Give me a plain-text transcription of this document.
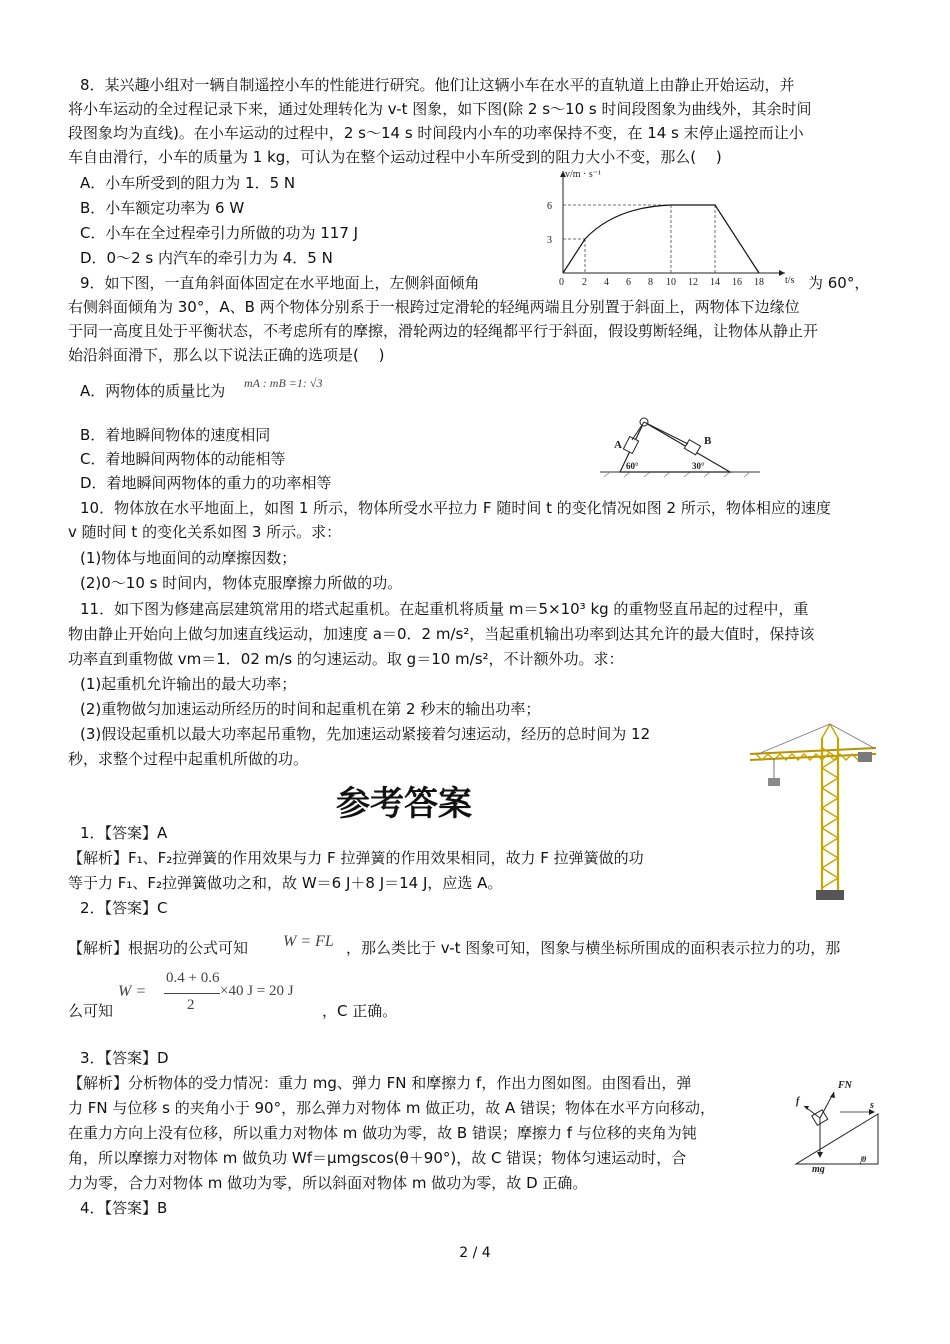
8．某兴趣小组对一辆自制遥控小车的性能进行研究。他们让这辆小车在水平的直轨道上由静止开始运动，并
将小车运动的全过程记录下来，通过处理转化为 v-t 图象，如下图(除 2 s～10 s 时间段图象为曲线外，其余时间
段图象均为直线)。在小车运动的过程中，2 s～14 s 时间段内小车的功率保持不变，在 14 s 末停止遥控而让小
车自由滑行，小车的质量为 1 kg，可认为在整个运动过程中小车所受到的阻力大小不变，那么(　 )
A．小车所受到的阻力为 1．5 N
B．小车额定功率为 6 W
C．小车在全过程牵引力所做的功为 117 J
D．0～2 s 内汽车的牵引力为 4．5 N
v/m · s⁻¹
t/s
6
3
0 2 4 6 8 10 12 14 16 18
9．如下图，一直角斜面体固定在水平地面上，左侧斜面倾角	为 60°，
右侧斜面倾角为 30°，A、B 两个物体分别系于一根跨过定滑轮的轻绳两端且分别置于斜面上，两物体下边缘位
于同一高度且处于平衡状态，不考虑所有的摩擦，滑轮两边的轻绳都平行于斜面，假设剪断轻绳，让物体从静止开
始沿斜面滑下，那么以下说法正确的选项是(　 )
A．两物体的质量比为 mA : mB =1: √3
B．着地瞬间物体的速度相同
C．着地瞬间两物体的动能相等
D．着地瞬间两物体的重力的功率相等
A	B
60°	30°
10．物体放在水平地面上，如图 1 所示，物体所受水平拉力 F 随时间 t 的变化情况如图 2 所示，物体相应的速度
v 随时间 t 的变化关系如图 3 所示。求：
(1)物体与地面间的动摩擦因数；
(2)0～10 s 时间内，物体克服摩擦力所做的功。
11．如下图为修建高层建筑常用的塔式起重机。在起重机将质量 m＝5×10³ kg 的重物竖直吊起的过程中，重
物由静止开始向上做匀加速直线运动，加速度 a＝0．2 m/s²，当起重机输出功率到达其允许的最大值时，保持该
功率直到重物做 vm＝1．02 m/s 的匀速运动。取 g＝10 m/s²，不计额外功。求：
(1)起重机允许输出的最大功率；
(2)重物做匀加速运动所经历的时间和起重机在第 2 秒末的输出功率；
(3)假设起重机以最大功率起吊重物，先加速运动紧接着匀速运动，经历的总时间为 12
秒，求整个过程中起重机所做的功。
参考答案
1．【答案】A
【解析】F₁、F₂拉弹簧的作用效果与力 F 拉弹簧的作用效果相同，故力 F 拉弹簧做的功
等于力 F₁、F₂拉弹簧做功之和，故 W＝6 J＋8 J＝14 J，应选 A。
2．【答案】C
【解析】根据功的公式可知 W = FL ，那么类比于 v-t 图象可知，图象与横坐标所围成的面积表示拉力的功，那
么可知
W =
0.4 + 0.6
2
×40 J = 20 J
，C 正确。
3．【答案】D
【解析】分析物体的受力情况：重力 mg、弹力 FN 和摩擦力 f，作出力图如图。由图看出，弹
力 FN 与位移 s 的夹角小于 90°，那么弹力对物体 m 做正功，故 A 错误；物体在水平方向移动，
在重力方向上没有位移，所以重力对物体 m 做功为零，故 B 错误；摩擦力 f 与位移的夹角为钝
角，所以摩擦力对物体 m 做负功 Wf＝μmgscos(θ＋90°)，故 C 错误；物体匀速运动时，合
力为零，合力对物体 m 做功为零，所以斜面对物体 m 做功为零，故 D 正确。
4．【答案】B
θ
FN
f	s
mg
2 / 4
